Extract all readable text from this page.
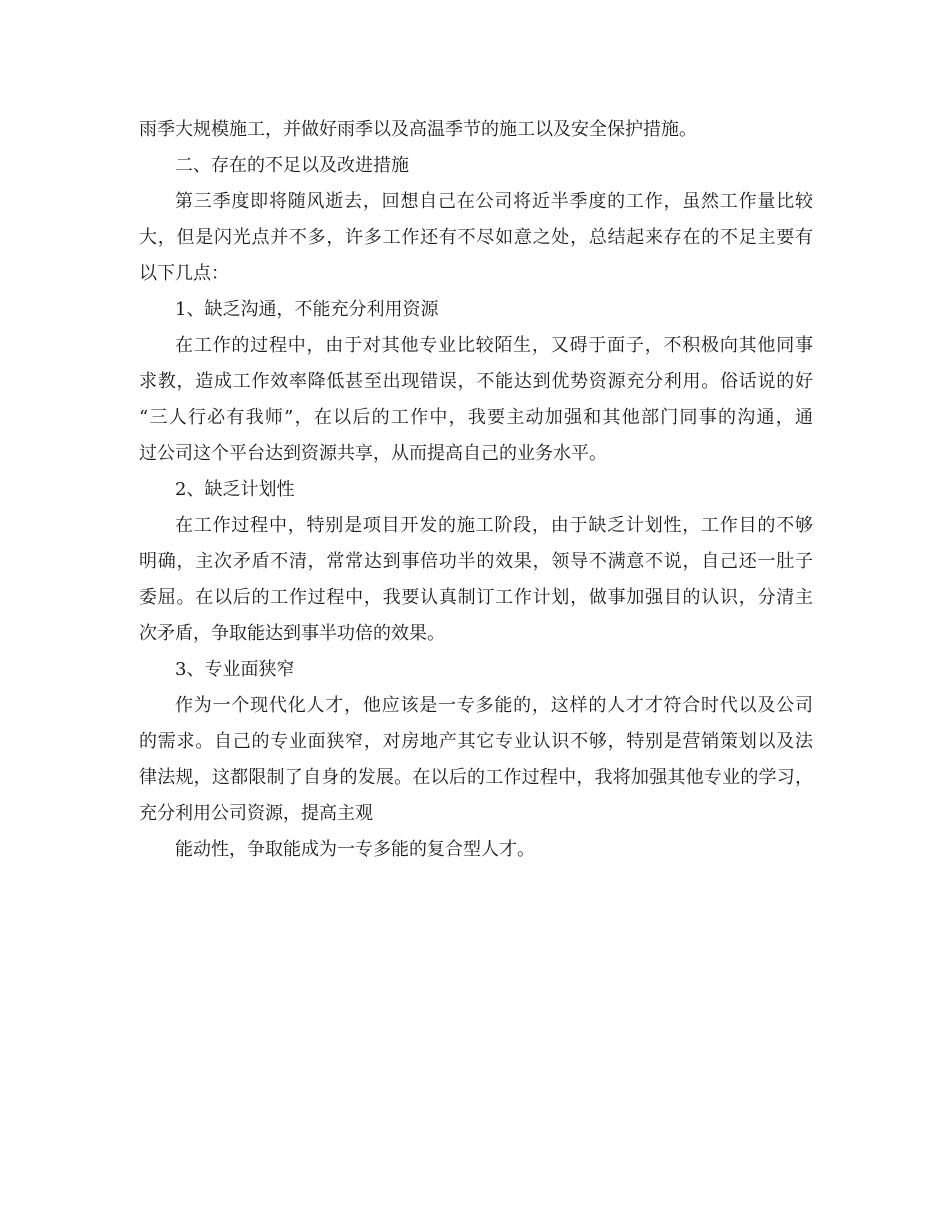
雨季大规模施工，并做好雨季以及高温季节的施工以及安全保护措施。
二、存在的不足以及改进措施
第三季度即将随风逝去，回想自己在公司将近半季度的工作，虽然工作量比较
大，但是闪光点并不多，许多工作还有不尽如意之处，总结起来存在的不足主要有
以下几点：
1、缺乏沟通，不能充分利用资源
在工作的过程中，由于对其他专业比较陌生，又碍于面子，不积极向其他同事
求教，造成工作效率降低甚至出现错误，不能达到优势资源充分利用。俗话说的好
“三人行必有我师”，在以后的工作中，我要主动加强和其他部门同事的沟通，通
过公司这个平台达到资源共享，从而提高自己的业务水平。
2、缺乏计划性
在工作过程中，特别是项目开发的施工阶段，由于缺乏计划性，工作目的不够
明确，主次矛盾不清，常常达到事倍功半的效果，领导不满意不说，自己还一肚子
委屈。在以后的工作过程中，我要认真制订工作计划，做事加强目的认识，分清主
次矛盾，争取能达到事半功倍的效果。
3、专业面狭窄
作为一个现代化人才，他应该是一专多能的，这样的人才才符合时代以及公司
的需求。自己的专业面狭窄，对房地产其它专业认识不够，特别是营销策划以及法
律法规，这都限制了自身的发展。在以后的工作过程中，我将加强其他专业的学习，
充分利用公司资源，提高主观
能动性，争取能成为一专多能的复合型人才。
